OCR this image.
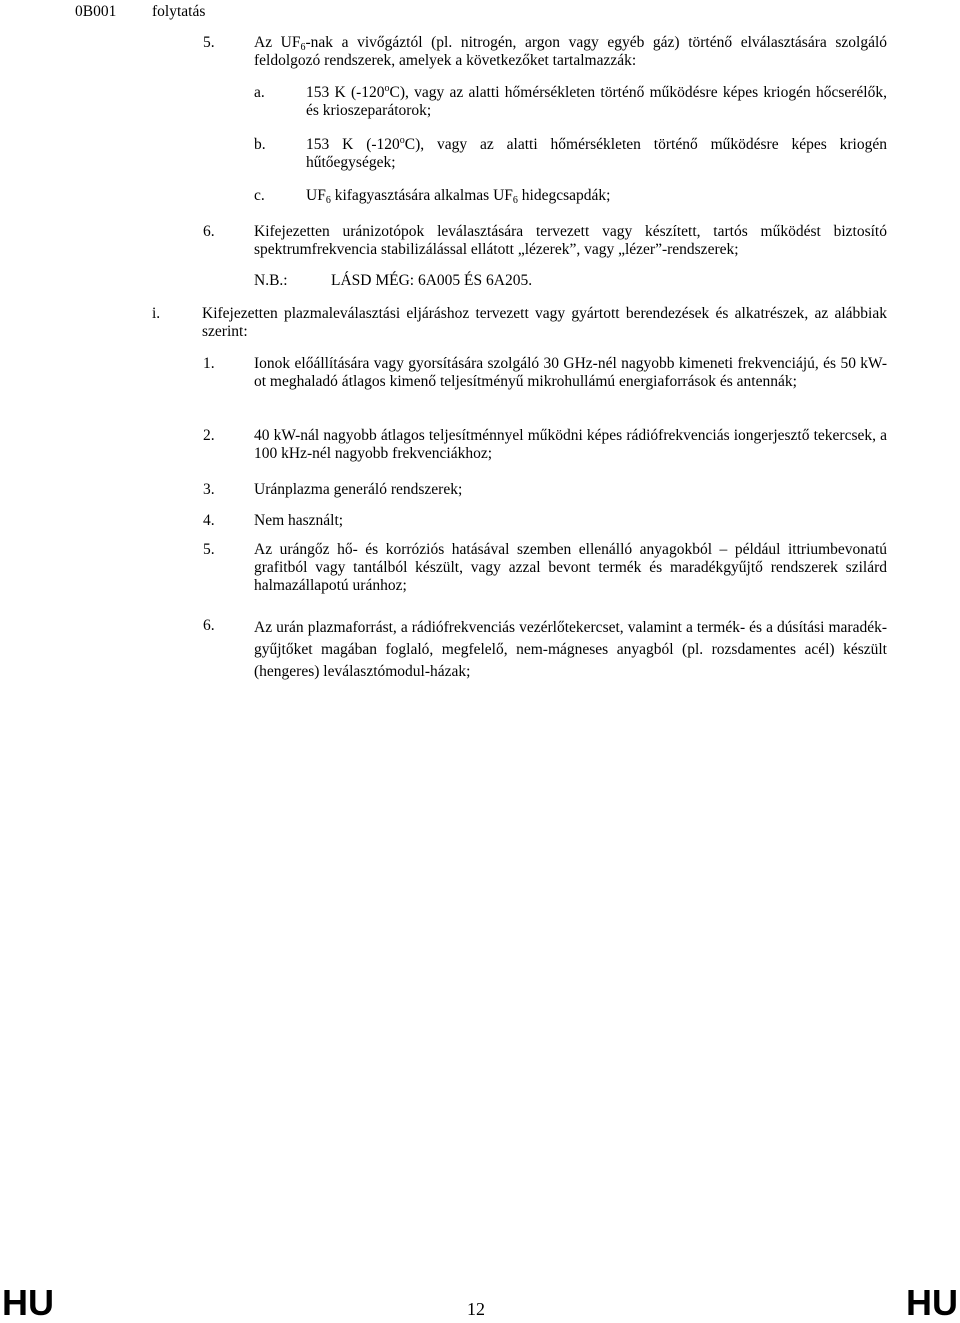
0B001 folytatás
5.	Az $UF_6$-nak a vivőgáztól (pl. nitrogén, argon vagy egyéb gáz) történő elválasztására szolgáló feldolgozó rendszerek, amelyek a következőket tartalmazzák:

a.	153 K (-120$^o$C), vagy az alatti hőmérsékleten történő működésre képes kriogén hőcserélők, és krioszeparátorok;

b.	153 K (-120$^o$C), vagy az alatti hőmérsékleten történő működésre képes kriogén hűtőegységek;

c.	$UF_6$ kifagyasztására alkalmas $UF_6$ hidegcsapdák;

6.	Kifejezetten uránizotópok leválasztására tervezett vagy készített, tartós működést biztosító spektrumfrekvencia stabilizálással ellátott „lézerek”, vagy „lézer”-rendszerek;

N.B.:	LÁSD MÉG: 6A005 ÉS 6A205.
i.	Kifejezetten plazmaleválasztási eljáráshoz tervezett vagy gyártott berendezések és alkatrészek, az alábbiak szerint:

1.	Ionok előállítására vagy gyorsítására szolgáló 30 GHz-nél nagyobb kimeneti frekvenciájú, és 50 kW-ot meghaladó átlagos kimenő teljesítményű mikrohullámú energiaforrások és antennák;

2.	40 kW-nál nagyobb átlagos teljesítménnyel működni képes rádiófrekvenciás iongerjesztő tekercsek, a 100 kHz-nél nagyobb frekvenciákhoz;

3.	Uránplazma generáló rendszerek;

4.	Nem használt;

5.	Az urángőz hő- és korróziós hatásával szemben ellenálló anyagokból – például ittriumbevonatú grafitból vagy tantálból készült, vagy azzal bevont termék és maradékgyűjtő rendszerek szilárd halmazállapotú uránhoz;

6.	Az urán plazmaforrást, a rádiófrekvenciás vezérlőtekercset, valamint a termék- és a dúsítási maradék-gyűjtőket magában foglaló, megfelelő, nem-mágneses anyagból (pl. rozsdamentes acél) készült (hengeres) leválasztómodul-házak;

HU	12	HU
